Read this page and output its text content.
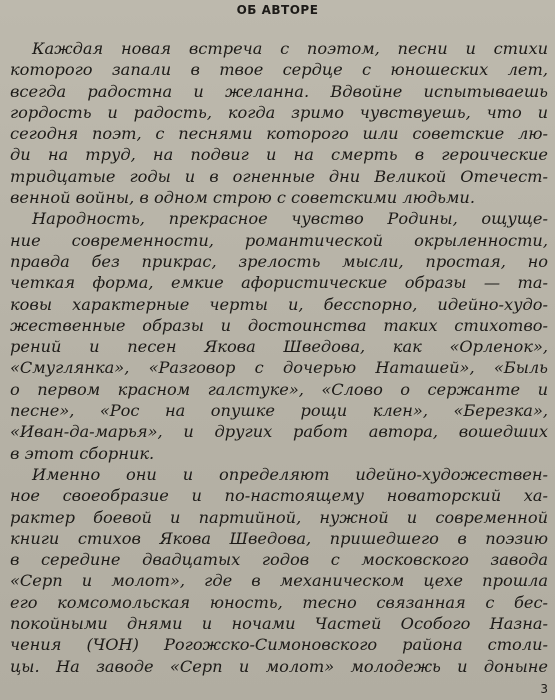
ОБ АВТОРЕ
Каждая новая встреча с поэтом, песни и стихи
которого запали в твое сердце с юношеских лет,
всегда радостна и желанна. Вдвойне испытываешь
гордость и радость, когда зримо чувствуешь, что и
сегодня поэт, с песнями которого шли советские лю-
ди на труд, на подвиг и на смерть в героические
тридцатые годы и в огненные дни Великой Отечест-
венной войны, в одном строю с советскими людьми.
Народность, прекрасное чувство Родины, ощуще-
ние современности, романтической окрыленности,
правда без прикрас, зрелость мысли, простая, но
четкая форма, емкие афористические образы — та-
ковы характерные черты и, бесспорно, идейно-худо-
жественные образы и достоинства таких стихотво-
рений и песен Якова Шведова, как «Орленок»,
«Смуглянка», «Разговор с дочерью Наташей», «Быль
о первом красном галстуке», «Слово о сержанте и
песне», «Рос на опушке рощи клен», «Березка»,
«Иван-да-марья», и других работ автора, вошедших
в этот сборник.
Именно они и определяют идейно-художествен-
ное своеобразие и по-настоящему новаторский ха-
рактер боевой и партийной, нужной и современной
книги стихов Якова Шведова, пришедшего в поэзию
в середине двадцатых годов с московского завода
«Серп и молот», где в механическом цехе прошла
его комсомольская юность, тесно связанная с бес-
покойными днями и ночами Частей Особого Назна-
чения (ЧОН) Рогожско-Симоновского района столи-
цы. На заводе «Серп и молот» молодежь и доныне
3
